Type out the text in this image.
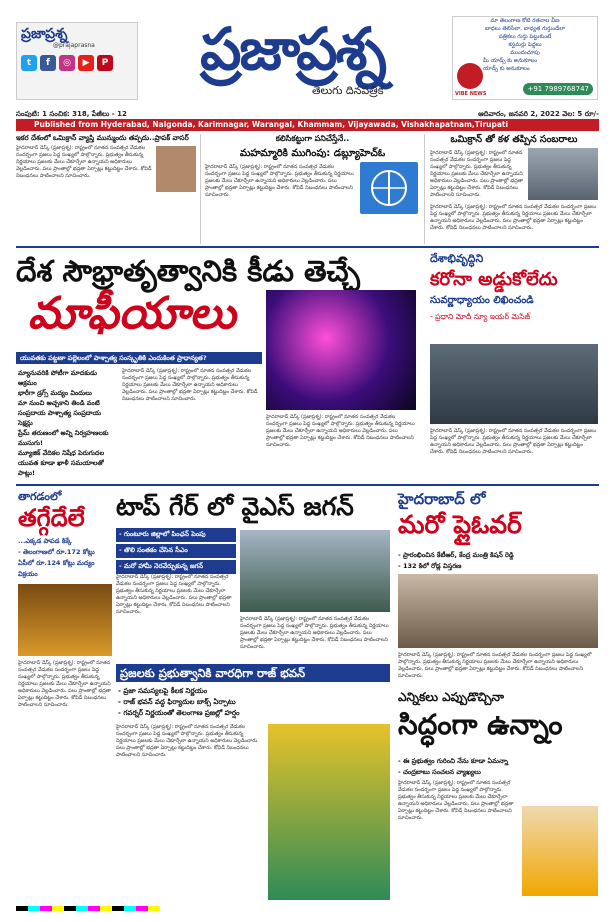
ప్రజాప్రశ్న
@prajaprasna
t	f	◎	▶	P	ప్రజాప్రశ్న
తెలుగు దినపత్రిక
మా తెలంగాణ కోటి రతనాల వీణ
బాధలు తెలిసేలా, బాధ్యత గుర్తుండేలా
పత్రికలు గుర్తు పెట్టుకుంటే
కస్టమర్లు పెద్దలు
ముందుచూపు
మీ యాడ్స్ కు అనుకూలం
యాడ్స్ కు అనుకూలం
VIBE NEWS
+91 7989768747
సంపుటి: 1 సంచిక: 318, పేజీలు - 12	ఆదివారం, జనవరి 2, 2022 వెల: 5 రూ/-
Published from Hyderabad, Nalgonda, Karimnagar, Warangal, Khammam, Vijayawada, Vishakhapatnam,Tirupati
ఇకర దేశంలో ఒమిక్రాన్ వ్యాప్తి మున్ముందు తప్పదు..ప్రాపక్ వాసర్
హైదరాబాద్ డెస్క్ (ప్రజాప్రశ్న): రాష్ట్రంలో నూతన సంవత్సర వేడుకల సందర్భంగా ప్రజలు పెద్ద సంఖ్యలో పాల్గొన్నారు. ప్రభుత్వం తీసుకున్న నిర్ణయాలు ప్రజలకు మేలు చేకూర్చేలా ఉన్నాయని అధికారులు వెల్లడించారు. పలు ప్రాంతాల్లో భద్రతా ఏర్పాట్లు కట్టుదిట్టం చేశారు. కోవిడ్ నిబంధనలు పాటించాలని సూచించారు.
కలిసికట్టుగా పనిచేస్తేనే..
మహమ్మారికి ముగింపు: డబ్ల్యూహెచ్ఓ
హైదరాబాద్ డెస్క్ (ప్రజాప్రశ్న): రాష్ట్రంలో నూతన సంవత్సర వేడుకల సందర్భంగా ప్రజలు పెద్ద సంఖ్యలో పాల్గొన్నారు. ప్రభుత్వం తీసుకున్న నిర్ణయాలు ప్రజలకు మేలు చేకూర్చేలా ఉన్నాయని అధికారులు వెల్లడించారు. పలు ప్రాంతాల్లో భద్రతా ఏర్పాట్లు కట్టుదిట్టం చేశారు. కోవిడ్ నిబంధనలు పాటించాలని సూచించారు.
ఒమిక్రాన్ తో కళ తప్పిన సంబరాలు
హైదరాబాద్ డెస్క్ (ప్రజాప్రశ్న): రాష్ట్రంలో నూతన సంవత్సర వేడుకల సందర్భంగా ప్రజలు పెద్ద సంఖ్యలో పాల్గొన్నారు. ప్రభుత్వం తీసుకున్న నిర్ణయాలు ప్రజలకు మేలు చేకూర్చేలా ఉన్నాయని అధికారులు వెల్లడించారు. పలు ప్రాంతాల్లో భద్రతా ఏర్పాట్లు కట్టుదిట్టం చేశారు. కోవిడ్ నిబంధనలు పాటించాలని సూచించారు.
హైదరాబాద్ డెస్క్ (ప్రజాప్రశ్న): రాష్ట్రంలో నూతన సంవత్సర వేడుకల సందర్భంగా ప్రజలు పెద్ద సంఖ్యలో పాల్గొన్నారు. ప్రభుత్వం తీసుకున్న నిర్ణయాలు ప్రజలకు మేలు చేకూర్చేలా ఉన్నాయని అధికారులు వెల్లడించారు. పలు ప్రాంతాల్లో భద్రతా ఏర్పాట్లు కట్టుదిట్టం చేశారు. కోవిడ్ నిబంధనలు పాటించాలని సూచించారు.
దేశ సౌభ్రాతృత్వానికి కీడు తెచ్చే
మాఫీయాలు
యువతకు పట్టణా పల్లెలంలో పాశ్చాత్య సంస్కృతికి ఎందుకింత ప్రాధాన్యత?
మ్యానువరికి పోటీగా మాదకుడు అక్రమం
భారీగా డ్రగ్స్ మద్యం విందులు
మా నుంచి అచ్చకాని తిండి వంటి సంప్రదాయ పాశ్చాత్య సంప్రదాయ సెక్షన్లు
ప్రేమ్ తరుణంలో అన్ని నిర్వహణలకు ముసుగు!
మ్యూజిక్ వేదికల నిషేధ పెరుగుదల
యువత కూడా ఖాళీ సమయాలతో పాట్లు!
హైదరాబాద్ డెస్క్ (ప్రజాప్రశ్న): రాష్ట్రంలో నూతన సంవత్సర వేడుకల సందర్భంగా ప్రజలు పెద్ద సంఖ్యలో పాల్గొన్నారు. ప్రభుత్వం తీసుకున్న నిర్ణయాలు ప్రజలకు మేలు చేకూర్చేలా ఉన్నాయని అధికారులు వెల్లడించారు. పలు ప్రాంతాల్లో భద్రతా ఏర్పాట్లు కట్టుదిట్టం చేశారు. కోవిడ్ నిబంధనలు పాటించాలని సూచించారు.
హైదరాబాద్ డెస్క్ (ప్రజాప్రశ్న): రాష్ట్రంలో నూతన సంవత్సర వేడుకల సందర్భంగా ప్రజలు పెద్ద సంఖ్యలో పాల్గొన్నారు. ప్రభుత్వం తీసుకున్న నిర్ణయాలు ప్రజలకు మేలు చేకూర్చేలా ఉన్నాయని అధికారులు వెల్లడించారు. పలు ప్రాంతాల్లో భద్రతా ఏర్పాట్లు కట్టుదిట్టం చేశారు. కోవిడ్ నిబంధనలు పాటించాలని సూచించారు.
దేశాభివృద్ధిని
కరోనా అడ్డుకోలేదు
సువర్ణాధ్యాయం లిఖించండి
- ప్రధాని మోదీ న్యూ ఇయర్ మెసేజ్
హైదరాబాద్ డెస్క్ (ప్రజాప్రశ్న): రాష్ట్రంలో నూతన సంవత్సర వేడుకల సందర్భంగా ప్రజలు పెద్ద సంఖ్యలో పాల్గొన్నారు. ప్రభుత్వం తీసుకున్న నిర్ణయాలు ప్రజలకు మేలు చేకూర్చేలా ఉన్నాయని అధికారులు వెల్లడించారు. పలు ప్రాంతాల్లో భద్రతా ఏర్పాట్లు కట్టుదిట్టం చేశారు. కోవిడ్ నిబంధనలు పాటించాలని సూచించారు.
తాగడంలో
తగ్గేదేలే
...ఎక్కడ పాపడ కిక్కే
- తెలంగాణలో రూ.172 కోట్లు
ఏపీలో రూ.124 కోట్లు మద్యం విక్రయం
హైదరాబాద్ డెస్క్ (ప్రజాప్రశ్న): రాష్ట్రంలో నూతన సంవత్సర వేడుకల సందర్భంగా ప్రజలు పెద్ద సంఖ్యలో పాల్గొన్నారు. ప్రభుత్వం తీసుకున్న నిర్ణయాలు ప్రజలకు మేలు చేకూర్చేలా ఉన్నాయని అధికారులు వెల్లడించారు. పలు ప్రాంతాల్లో భద్రతా ఏర్పాట్లు కట్టుదిట్టం చేశారు. కోవిడ్ నిబంధనలు పాటించాలని సూచించారు.
టాప్ గేర్ లో వైఎస్ జగన్
- గుంటూరు జిల్లాలో పింఛన్ పెంపు
- తొలి సంతకం చేసిన సీఎం
- మరో హామీ నెరవేర్చుకున్న జగన్
హైదరాబాద్ డెస్క్ (ప్రజాప్రశ్న): రాష్ట్రంలో నూతన సంవత్సర వేడుకల సందర్భంగా ప్రజలు పెద్ద సంఖ్యలో పాల్గొన్నారు. ప్రభుత్వం తీసుకున్న నిర్ణయాలు ప్రజలకు మేలు చేకూర్చేలా ఉన్నాయని అధికారులు వెల్లడించారు. పలు ప్రాంతాల్లో భద్రతా ఏర్పాట్లు కట్టుదిట్టం చేశారు. కోవిడ్ నిబంధనలు పాటించాలని సూచించారు.
హైదరాబాద్ డెస్క్ (ప్రజాప్రశ్న): రాష్ట్రంలో నూతన సంవత్సర వేడుకల సందర్భంగా ప్రజలు పెద్ద సంఖ్యలో పాల్గొన్నారు. ప్రభుత్వం తీసుకున్న నిర్ణయాలు ప్రజలకు మేలు చేకూర్చేలా ఉన్నాయని అధికారులు వెల్లడించారు. పలు ప్రాంతాల్లో భద్రతా ఏర్పాట్లు కట్టుదిట్టం చేశారు. కోవిడ్ నిబంధనలు పాటించాలని సూచించారు.
హైదరాబాద్ లో
మరో ప్లైఓవర్
- ప్రారంభించిన కేటీఆర్, కేంద్ర మంత్రి కిషన్ రెడ్డి
- 132 కిలో రోడ్ల విస్తరణ
హైదరాబాద్ డెస్క్ (ప్రజాప్రశ్న): రాష్ట్రంలో నూతన సంవత్సర వేడుకల సందర్భంగా ప్రజలు పెద్ద సంఖ్యలో పాల్గొన్నారు. ప్రభుత్వం తీసుకున్న నిర్ణయాలు ప్రజలకు మేలు చేకూర్చేలా ఉన్నాయని అధికారులు వెల్లడించారు. పలు ప్రాంతాల్లో భద్రతా ఏర్పాట్లు కట్టుదిట్టం చేశారు. కోవిడ్ నిబంధనలు పాటించాలని సూచించారు.
ప్రజలకు ప్రభుత్వానికి వారధిగా రాజ్ భవన్
- ప్రజా సమస్యలపై కీలక నిర్ణయం
- రాజ్ భవన్ వద్ద ఫిర్యాదుల బాక్స్ ఏర్పాటు
- గవర్నర్ నిర్ణయంతో తెలంగాణ ప్రజల్లో హర్షం
హైదరాబాద్ డెస్క్ (ప్రజాప్రశ్న): రాష్ట్రంలో నూతన సంవత్సర వేడుకల సందర్భంగా ప్రజలు పెద్ద సంఖ్యలో పాల్గొన్నారు. ప్రభుత్వం తీసుకున్న నిర్ణయాలు ప్రజలకు మేలు చేకూర్చేలా ఉన్నాయని అధికారులు వెల్లడించారు. పలు ప్రాంతాల్లో భద్రతా ఏర్పాట్లు కట్టుదిట్టం చేశారు. కోవిడ్ నిబంధనలు పాటించాలని సూచించారు.
ఎన్నికలు ఎప్పుడొచ్చినా
సిద్ధంగా ఉన్నాం
- ఈ ప్రభుత్వం గురించి నేను కూడా ఏమన్నా
- చంద్రబాబు సంచలన వ్యాఖ్యలు
హైదరాబాద్ డెస్క్ (ప్రజాప్రశ్న): రాష్ట్రంలో నూతన సంవత్సర వేడుకల సందర్భంగా ప్రజలు పెద్ద సంఖ్యలో పాల్గొన్నారు. ప్రభుత్వం తీసుకున్న నిర్ణయాలు ప్రజలకు మేలు చేకూర్చేలా ఉన్నాయని అధికారులు వెల్లడించారు. పలు ప్రాంతాల్లో భద్రతా ఏర్పాట్లు కట్టుదిట్టం చేశారు. కోవిడ్ నిబంధనలు పాటించాలని సూచించారు.
